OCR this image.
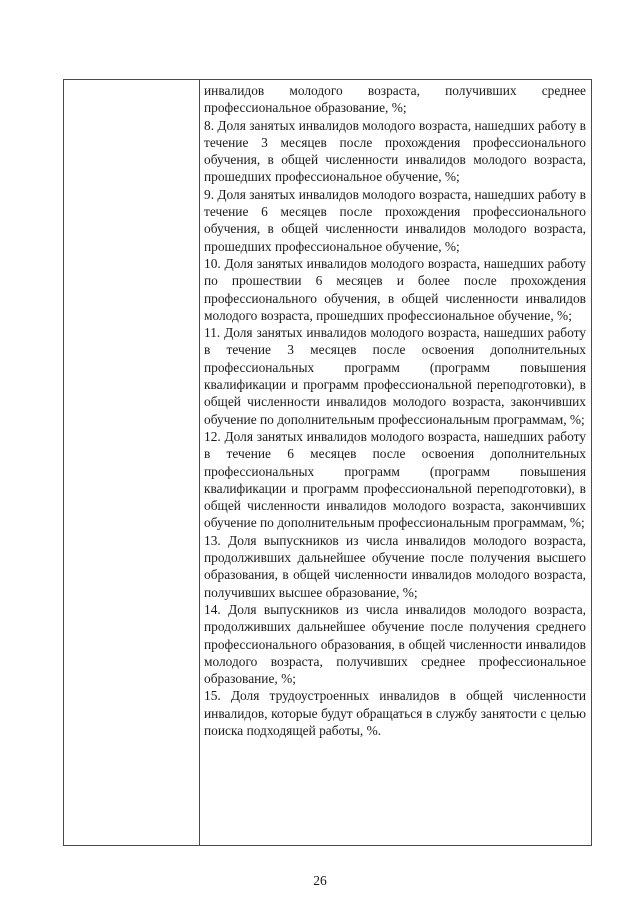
инвалидов молодого возраста, получивших среднее профессиональное образование, %;

8. Доля занятых инвалидов молодого возраста, нашедших работу в течение 3 месяцев после прохождения профессионального обучения, в общей численности инвалидов молодого возраста, прошедших профессиональное обучение, %;

9. Доля занятых инвалидов молодого возраста, нашедших работу в течение 6 месяцев после прохождения профессионального обучения, в общей численности инвалидов молодого возраста, прошедших профессиональное обучение, %;

10. Доля занятых инвалидов молодого возраста, нашедших работу по прошествии 6 месяцев и более после прохождения профессионального обучения, в общей численности инвалидов молодого возраста, прошедших профессиональное обучение, %;

11. Доля занятых инвалидов молодого возраста, нашедших работу в течение 3 месяцев после освоения дополнительных профессиональных программ (программ повышения квалификации и программ профессиональной переподготовки), в общей численности инвалидов молодого возраста, закончивших обучение по дополнительным профессиональным программам, %;

12. Доля занятых инвалидов молодого возраста, нашедших работу в течение 6 месяцев после освоения дополнительных профессиональных программ (программ повышения квалификации и программ профессиональной переподготовки), в общей численности инвалидов молодого возраста, закончивших обучение по дополнительным профессиональным программам, %;

13. Доля выпускников из числа инвалидов молодого возраста, продолживших дальнейшее обучение после получения высшего образования, в общей численности инвалидов молодого возраста, получивших высшее образование, %;

14. Доля выпускников из числа инвалидов молодого возраста, продолживших дальнейшее обучение после получения среднего профессионального образования, в общей численности инвалидов молодого возраста, получивших среднее профессиональное образование, %;

15. Доля трудоустроенных инвалидов в общей численности инвалидов, которые будут обращаться в службу занятости с целью поиска подходящей работы, %.

26
